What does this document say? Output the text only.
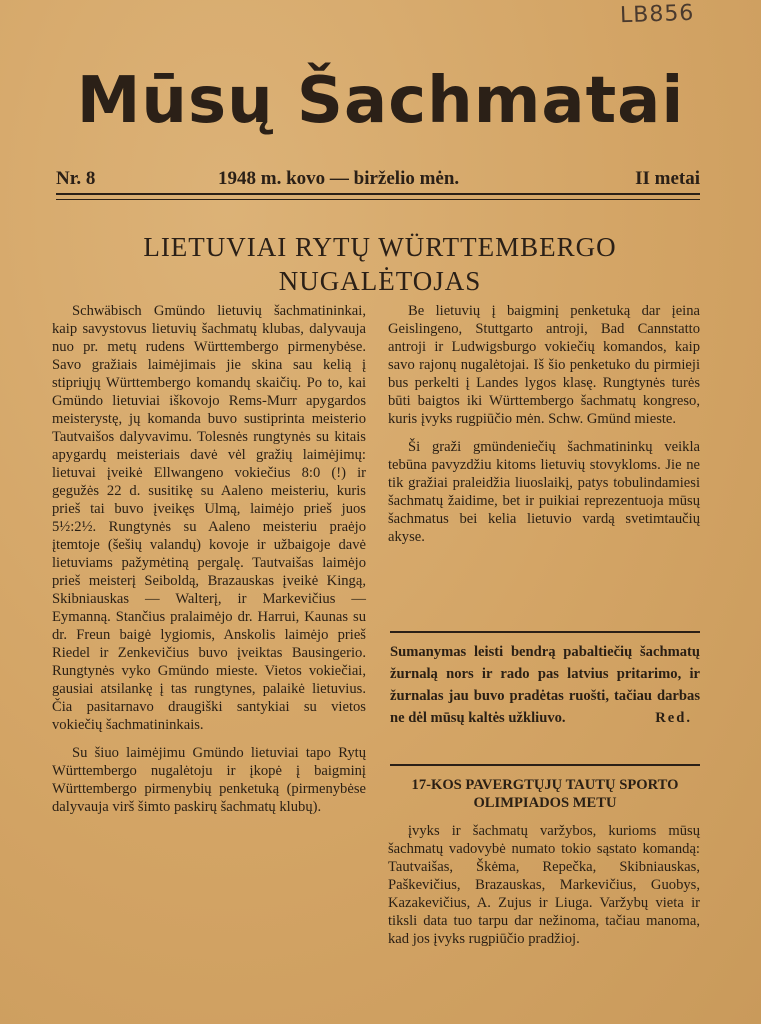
LB856
Mūsų Šachmatai
Nr. 8	1948 m. kovo — birželio mėn.	II metai
LIETUVIAI RYTŲ WÜRTTEMBERGO
NUGALĖTOJAS

Schwäbisch Gmündo lietuvių šachmatininkai, kaip savystovus lietuvių šachmatų klubas, dalyvauja nuo pr. metų rudens Württembergo pirmenybėse. Savo gražiais laimėjimais jie skina sau kelią į stipriųjų Württembergo komandų skaičių. Po to, kai Gmündo lietuviai iškovojo Rems-Murr apygardos meisterystę, jų komanda buvo sustiprinta meisterio Tautvaišos dalyvavimu. Tolesnės rungtynės su kitais apygardų meisteriais davė vėl gražių laimėjimų: lietuvai įveikė Ellwangeno vokiečius 8:0 (!) ir gegužės 22 d. susitikę su Aaleno meisteriu, kuris prieš tai buvo įveikęs Ulmą, laimėjo prieš juos 5½:2½. Rungtynės su Aaleno meisteriu praėjo įtemtoje (šešių valandų) kovoje ir užbaigoje davė lietuviams pažymėtiną pergalę. Tautvaišas laimėjo prieš meisterį Seiboldą, Brazauskas įveikė Kingą, Skibniauskas — Walterį, ir Markevičius — Eymanną. Stančius pralaimėjo dr. Harrui, Kaunas su dr. Freun baigė lygiomis, Anskolis laimėjo prieš Riedel ir Zenkevičius buvo įveiktas Bausingerio. Rungtynės vyko Gmündo mieste. Vietos vokiečiai, gausiai atsilankę į tas rungtynes, palaikė lietuvius. Čia pasitarnavo draugiški santykiai su vietos vokiečių šachmatininkais.

Su šiuo laimėjimu Gmündo lietuviai tapo Rytų Württembergo nugalėtoju ir įkopė į baigminį Württembergo pirmenybių penketuką (pirmenybėse dalyvauja virš šimto paskirų šachmatų klubų).

Be lietuvių į baigminį penketuką dar įeina Geislingeno, Stuttgarto antroji, Bad Cannstatto antroji ir Ludwigsburgo vokiečių komandos, kaip savo rajonų nugalėtojai. Iš šio penketuko du pirmieji bus perkelti į Landes lygos klasę. Rungtynės turės būti baigtos iki Württembergo šachmatų kongreso, kuris įvyks rugpiūčio mėn. Schw. Gmünd mieste.

Ši graži gmündeniečių šachmatininkų veikla tebūna pavyzdžiu kitoms lietuvių stovykloms. Jie ne tik gražiai praleidžia liuoslaikį, patys tobulindamiesi šachmatų žaidime, bet ir puikiai reprezentuoja mūsų šachmatus bei kelia lietuvio vardą svetimtaučių akyse.

Sumanymas leisti bendrą pabaltiečių šachmatų žurnalą nors ir rado pas latvius pritarimo, ir žurnalas jau buvo pradėtas ruošti, tačiau darbas ne dėl mūsų kaltės užkliuvo.	Red.

17-KOS PAVERGTŲJŲ TAUTŲ SPORTO OLIMPIADOS METU

įvyks ir šachmatų varžybos, kurioms mūsų šachmatų vadovybė numato tokio sąstato komandą: Tautvaišas, Škėma, Repečka, Skibniauskas, Paškevičius, Brazauskas, Markevičius, Guobys, Kazakevičius, A. Zujus ir Liuga. Varžybų vieta ir tiksli data tuo tarpu dar nežinoma, tačiau manoma, kad jos įvyks rugpiūčio pradžioj.
